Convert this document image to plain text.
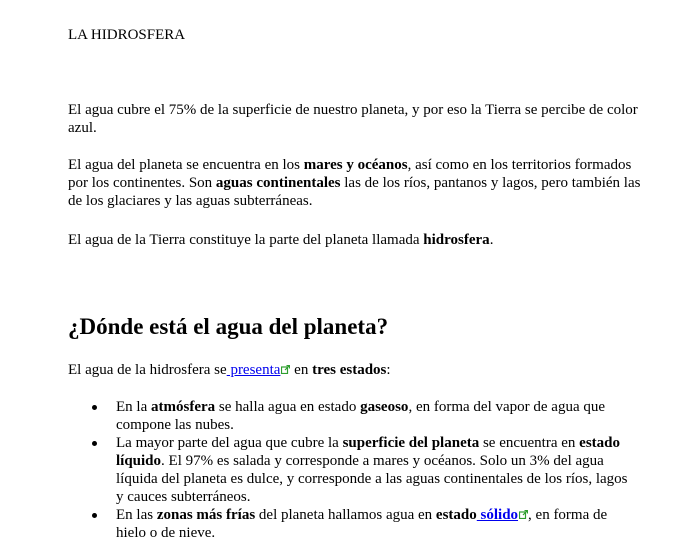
LA HIDROSFERA

El agua cubre el 75% de la superficie de nuestro planeta, y por eso la Tierra se percibe de color azul.

El agua del planeta se encuentra en los mares y océanos, así como en los territorios formados por los continentes. Son aguas continentales las de los ríos, pantanos y lagos, pero también las de los glaciares y las aguas subterráneas.

El agua de la Tierra constituye la parte del planeta llamada hidrosfera.

¿Dónde está el agua del planeta?

El agua de la hidrosfera se presenta en tres estados:

En la atmósfera se halla agua en estado gaseoso, en forma del vapor de agua que compone las nubes.
La mayor parte del agua que cubre la superficie del planeta se encuentra en estado líquido. El 97% es salada y corresponde a mares y océanos. Solo un 3% del agua líquida del planeta es dulce, y corresponde a las aguas continentales de los ríos, lagos y cauces subterráneos.
En las zonas más frías del planeta hallamos agua en estado sólido , en forma de hielo o de nieve.
